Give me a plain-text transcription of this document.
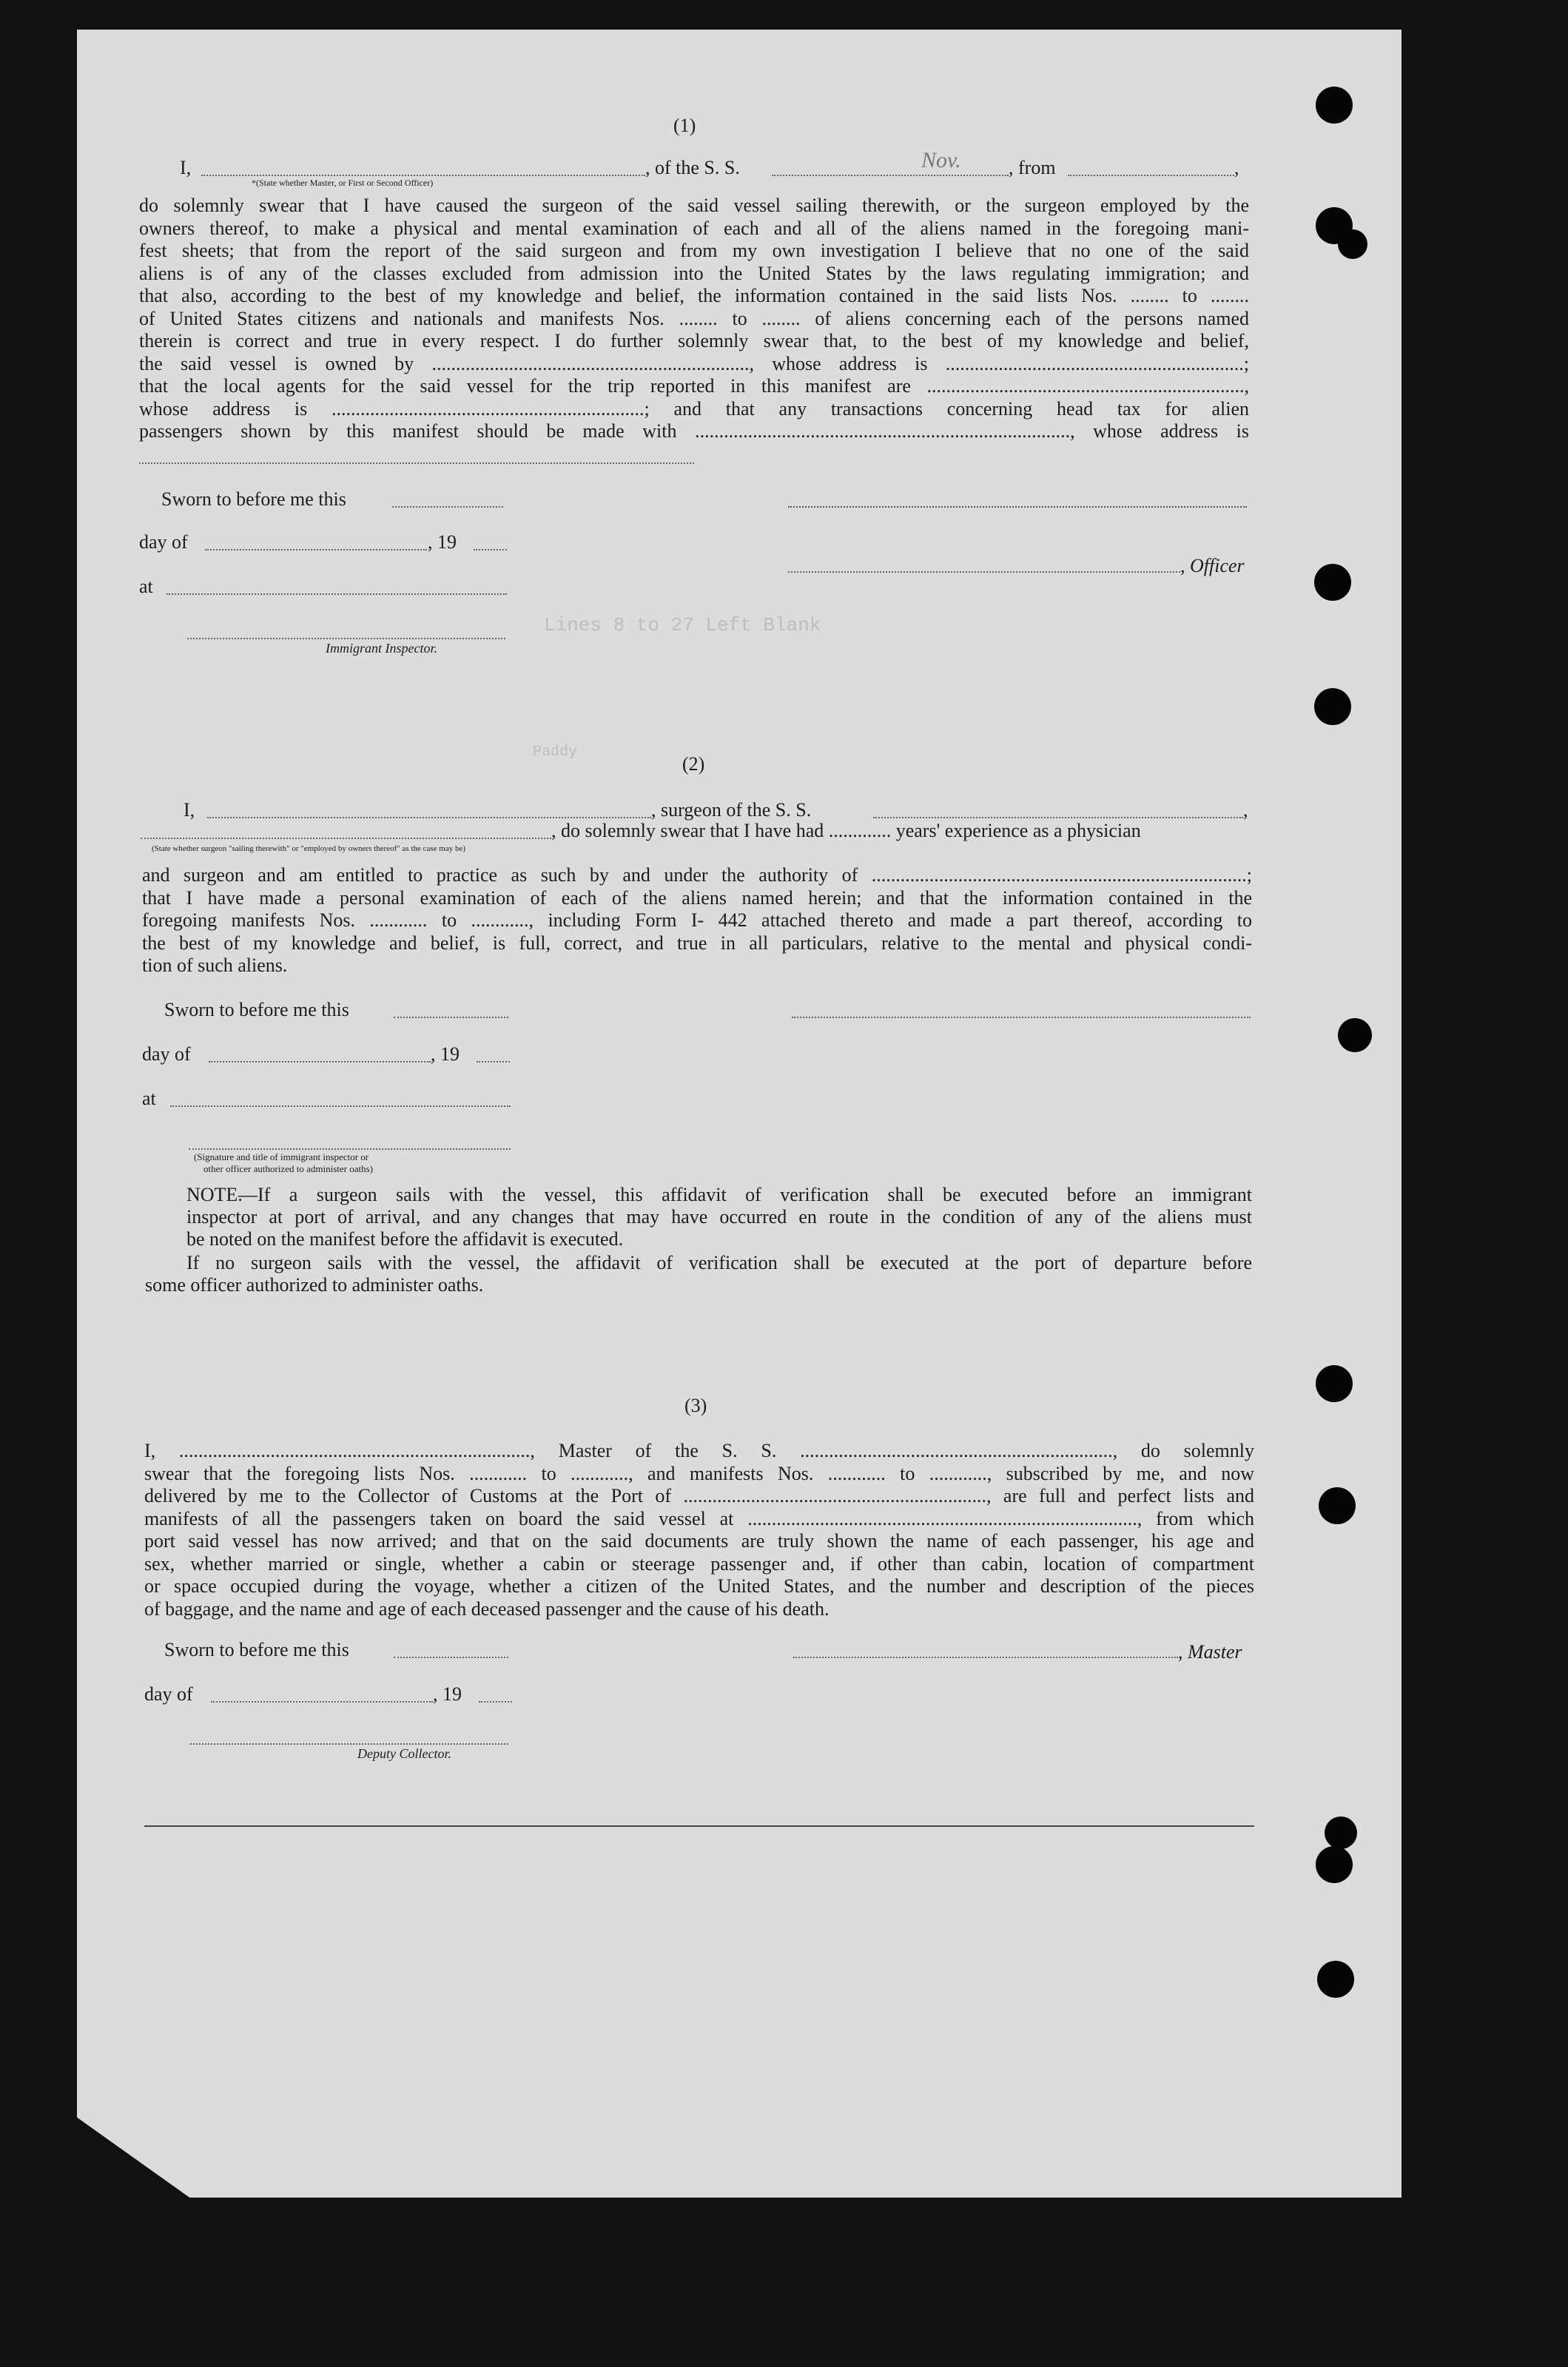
Lines 8 to 27 Left Blank
Paddy
(1)
I,	, of the S. S.	Nov. , from	,
*(State whether Master, or First or Second Officer)
do solemnly swear that I have caused the surgeon of the said vessel sailing therewith, or the surgeon employed by the
owners thereof, to make a physical and mental examination of each and all of the aliens named in the foregoing mani-
fest sheets; that from the report of the said surgeon and from my own investigation I believe that no one of the said
aliens is of any of the classes excluded from admission into the United States by the laws regulating immigration; and
that also, according to the best of my knowledge and belief, the information contained in the said lists Nos. ........ to ........
of United States citizens and nationals and manifests Nos. ........ to ........ of aliens concerning each of the persons named
therein is correct and true in every respect. I do further solemnly swear that, to the best of my knowledge and belief,
the said vessel is owned by .................................................................., whose address is ..............................................................;
that the local agents for the said vessel for the trip reported in this manifest are ..................................................................,
whose address is .................................................................; and that any transactions concerning head tax for alien
passengers shown by this manifest should be made with .............................................................................., whose address is
Sworn to before me this
day of	, 19
, Officer
at
Immigrant Inspector.
(2)
I,	, surgeon of the S. S.	,
, do solemnly swear that I have had ............. years' experience as a physician
(State whether surgeon "sailing therewith" or "employed by owners thereof" as the case may be)
and surgeon and am entitled to practice as such by and under the authority of ..............................................................................;
that I have made a personal examination of each of the aliens named herein; and that the information contained in the
foregoing manifests Nos. ............ to ............, including Form I- 442 attached thereto and made a part thereof, according to
the best of my knowledge and belief, is full, correct, and true in all particulars, relative to the mental and physical condi-
tion of such aliens.
Sworn to before me this
day of	, 19
at
(Signature and title of immigrant inspector or
other officer authorized to administer oaths)
NOTE.
—If a surgeon sails with the vessel, this affidavit of verification shall be executed before an immigrant
inspector at port of arrival, and any changes that may have occurred en route in the condition of any of the aliens must
be noted on the manifest before the affidavit is executed.
If no surgeon sails with the vessel, the affidavit of verification shall be executed at the port of departure before
some officer authorized to administer oaths.
(3)
I, ........................................................................., Master of the S. S. ................................................................., do solemnly
swear that the foregoing lists Nos. ............ to ............, and manifests Nos. ............ to ............, subscribed by me, and now
delivered by me to the Collector of Customs at the Port of ..............................................................., are full and perfect lists and
manifests of all the passengers taken on board the said vessel at ................................................................................., from which
port said vessel has now arrived; and that on the said documents are truly shown the name of each passenger, his age and
sex, whether married or single, whether a cabin or steerage passenger and, if other than cabin, location of compartment
or space occupied during the voyage, whether a citizen of the United States, and the number and description of the pieces
of baggage, and the name and age of each deceased passenger and the cause of his death.
Sworn to before me this	, Master
day of	, 19
Deputy Collector.
